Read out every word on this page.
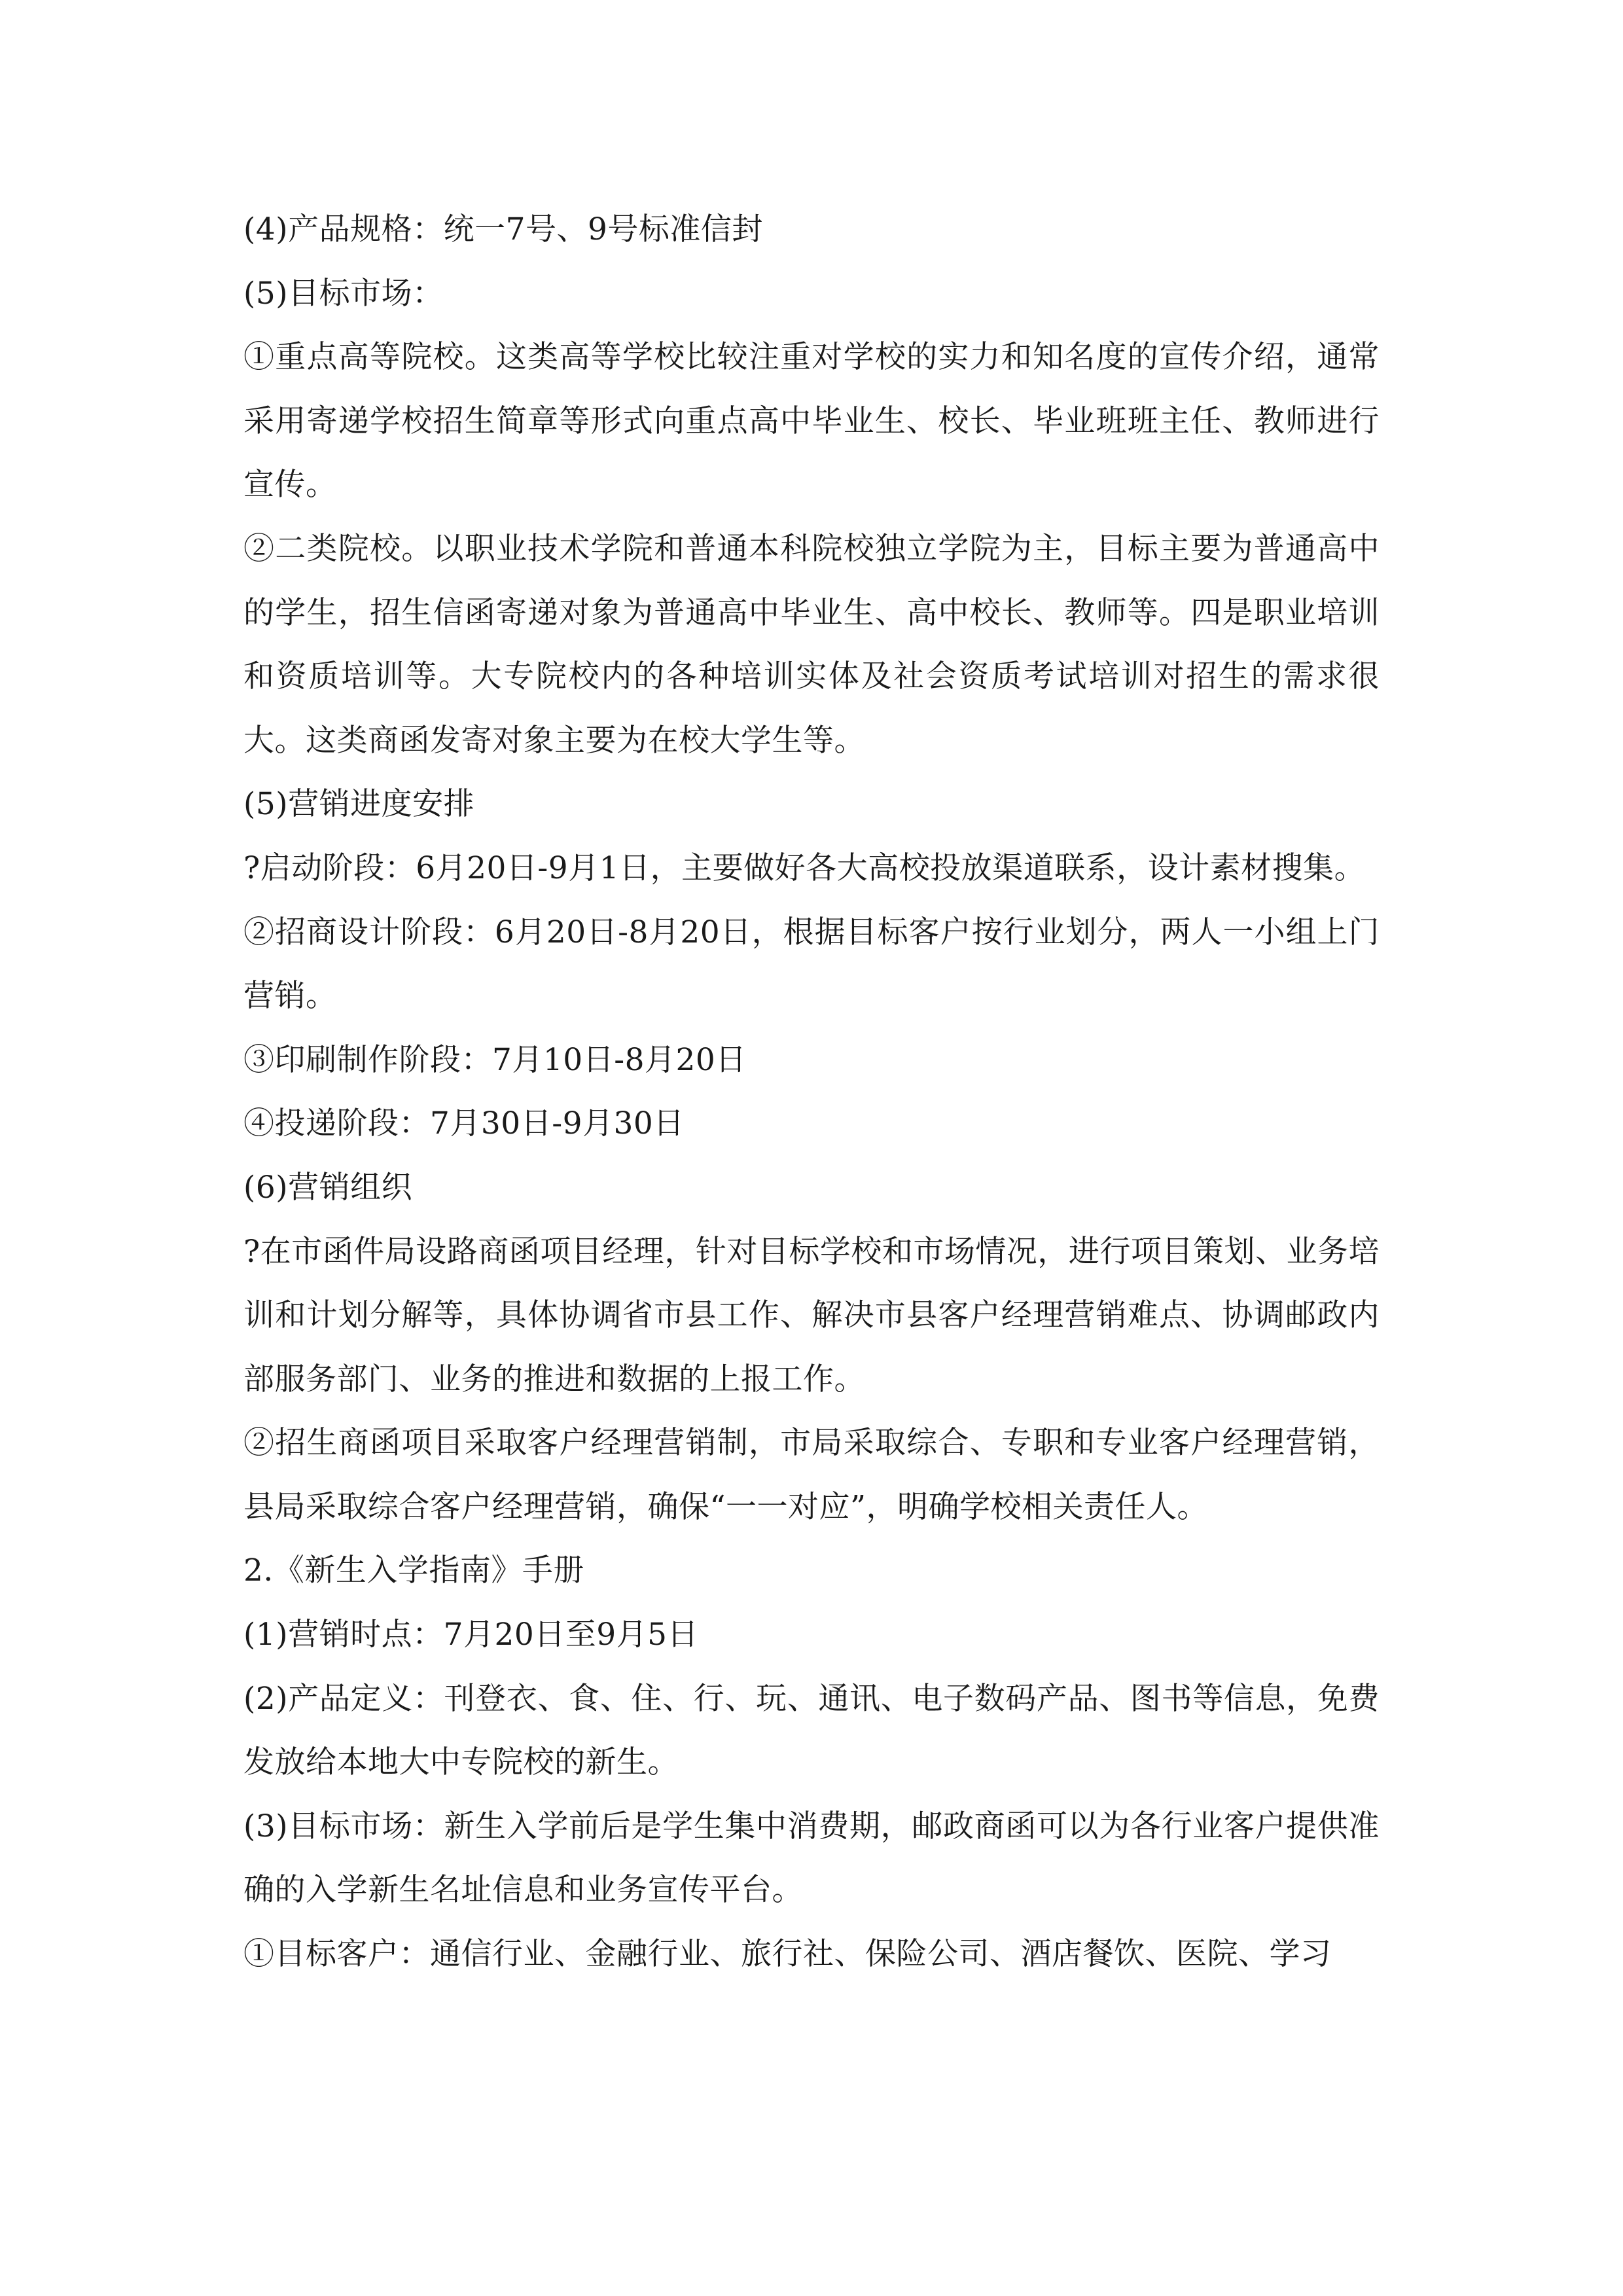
(4)产品规格：统一7号、9号标准信封

(5)目标市场：

①重点高等院校。这类高等学校比较注重对学校的实力和知名度的宣传介绍，通常采用寄递学校招生简章等形式向重点高中毕业生、校长、毕业班班主任、教师进行宣传。

②二类院校。以职业技术学院和普通本科院校独立学院为主，目标主要为普通高中的学生，招生信函寄递对象为普通高中毕业生、高中校长、教师等。四是职业培训和资质培训等。大专院校内的各种培训实体及社会资质考试培训对招生的需求很大。这类商函发寄对象主要为在校大学生等。

(5)营销进度安排

?启动阶段：6月20日-9月1日，主要做好各大高校投放渠道联系，设计素材搜集。

②招商设计阶段：6月20日-8月20日，根据目标客户按行业划分，两人一小组上门营销。

③印刷制作阶段：7月10日-8月20日

④投递阶段：7月30日-9月30日

(6)营销组织

?在市函件局设路商函项目经理，针对目标学校和市场情况，进行项目策划、业务培训和计划分解等，具体协调省市县工作、解决市县客户经理营销难点、协调邮政内部服务部门、业务的推进和数据的上报工作。

②招生商函项目采取客户经理营销制，市局采取综合、专职和专业客户经理营销，县局采取综合客户经理营销，确保“一一对应”，明确学校相关责任人。

2.《新生入学指南》手册

(1)营销时点：7月20日至9月5日

(2)产品定义：刊登衣、食、住、行、玩、通讯、电子数码产品、图书等信息，免费发放给本地大中专院校的新生。

(3)目标市场：新生入学前后是学生集中消费期，邮政商函可以为各行业客户提供准确的入学新生名址信息和业务宣传平台。

①目标客户：通信行业、金融行业、旅行社、保险公司、酒店餐饮、医院、学习
